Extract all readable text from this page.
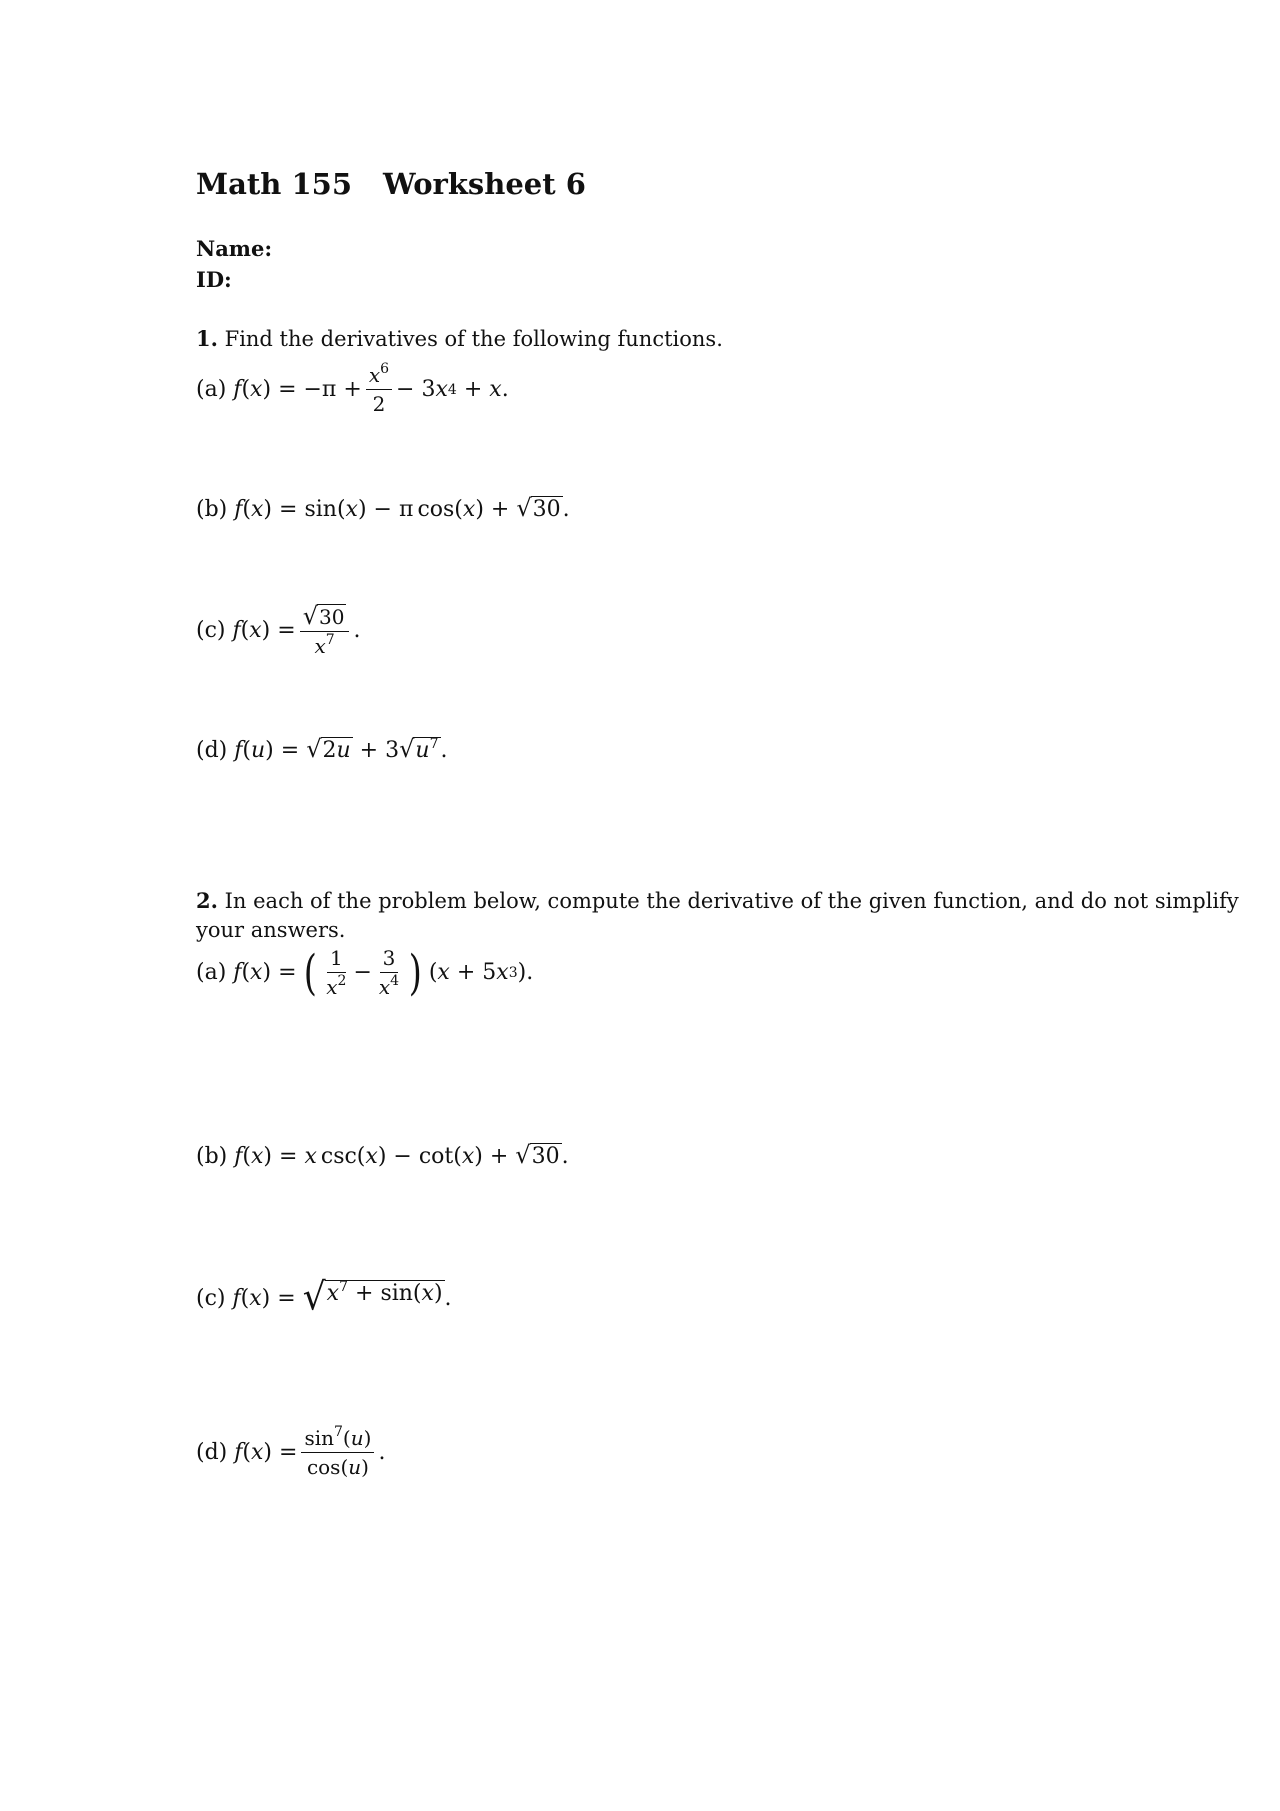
Math 155 Worksheet 6
Name:
ID:
1. Find the derivatives of the following functions.
(a) f ( x ) = $-\pi + \frac{x^6}{2} - 3$ x 4 + x .
(b) f ( x ) = sin( x ) − π cos( x ) + √ 30 .
(c) f ( x ) = $\frac{√ 30}{x^7}$ .
(d) f ( u ) = √ 2u + 3 √ $u^7$ .
2. In each of the problem below, compute the derivative of the given function, and do not simplify
your answers.
(a) f ( x ) = ( $\frac{1}{x^2} - \frac{3}{x^4}$ ) ( x + 5 x 3 ).
(b) f ( x ) = x csc( x ) − cot( x ) + √ 30 .
(c) f ( x ) = √ $x^7 + \sin(x)$ .
(d) f ( x ) = $\frac{\sin^7(u)}{\cos(u)}$ .
